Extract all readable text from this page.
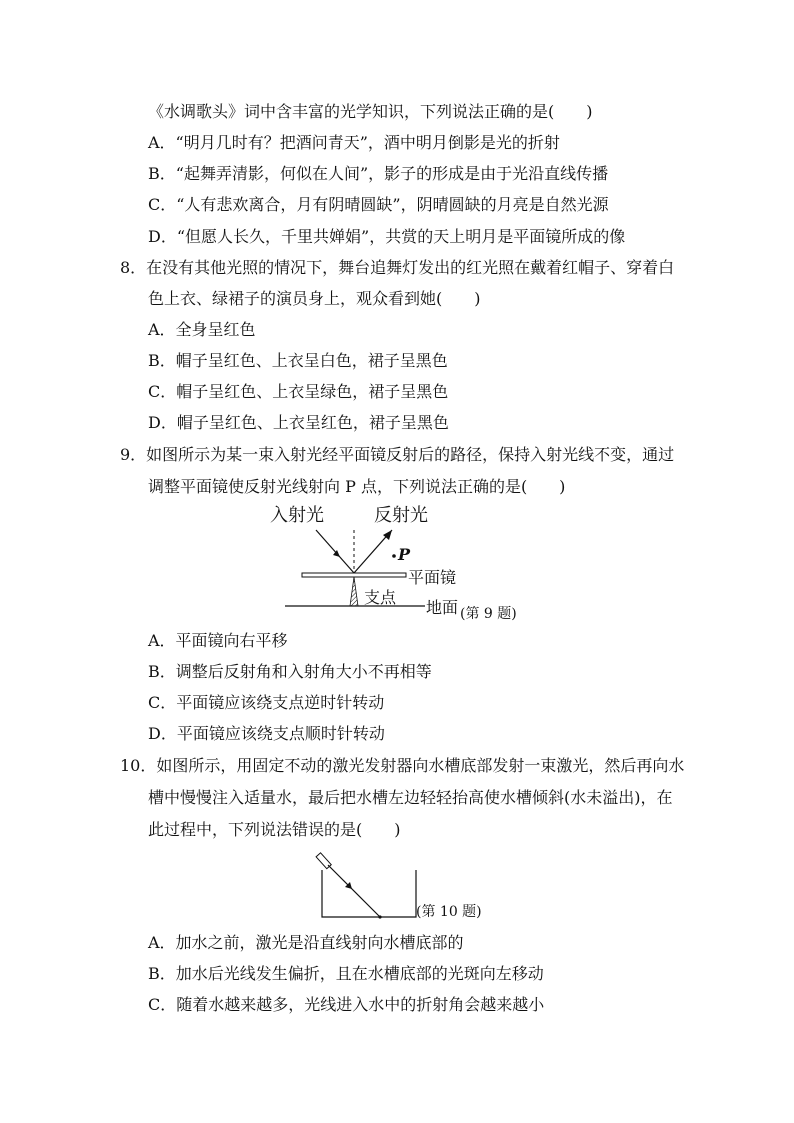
《水调歌头》词中含丰富的光学知识，下列说法正确的是(　　)
A．“明月几时有？把酒问青天”，酒中明月倒影是光的折射
B．“起舞弄清影，何似在人间”，影子的形成是由于光沿直线传播
C．“人有悲欢离合，月有阴晴圆缺”，阴晴圆缺的月亮是自然光源
D．“但愿人长久，千里共婵娟”，共赏的天上明月是平面镜所成的像
8．在没有其他光照的情况下，舞台追舞灯发出的红光照在戴着红帽子、穿着白
色上衣、绿裙子的演员身上，观众看到她(　　)
A．全身呈红色
B．帽子呈红色、上衣呈白色，裙子呈黑色
C．帽子呈红色、上衣呈绿色，裙子呈黑色
D．帽子呈红色、上衣呈红色，裙子呈黑色
9．如图所示为某一束入射光经平面镜反射后的路径，保持入射光线不变，通过
调整平面镜使反射光线射向 P 点，下列说法正确的是(　　)
入射光	反射光
P
平面镜
支点
地面 (第 9 题)
A．平面镜向右平移
B．调整后反射角和入射角大小不再相等
C．平面镜应该绕支点逆时针转动
D．平面镜应该绕支点顺时针转动
10．如图所示，用固定不动的激光发射器向水槽底部发射一束激光，然后再向水
槽中慢慢注入适量水，最后把水槽左边轻轻抬高使水槽倾斜(水未溢出)，在
此过程中，下列说法错误的是(　　)
(第 10 题)
A．加水之前，激光是沿直线射向水槽底部的
B．加水后光线发生偏折，且在水槽底部的光斑向左移动
C．随着水越来越多，光线进入水中的折射角会越来越小
